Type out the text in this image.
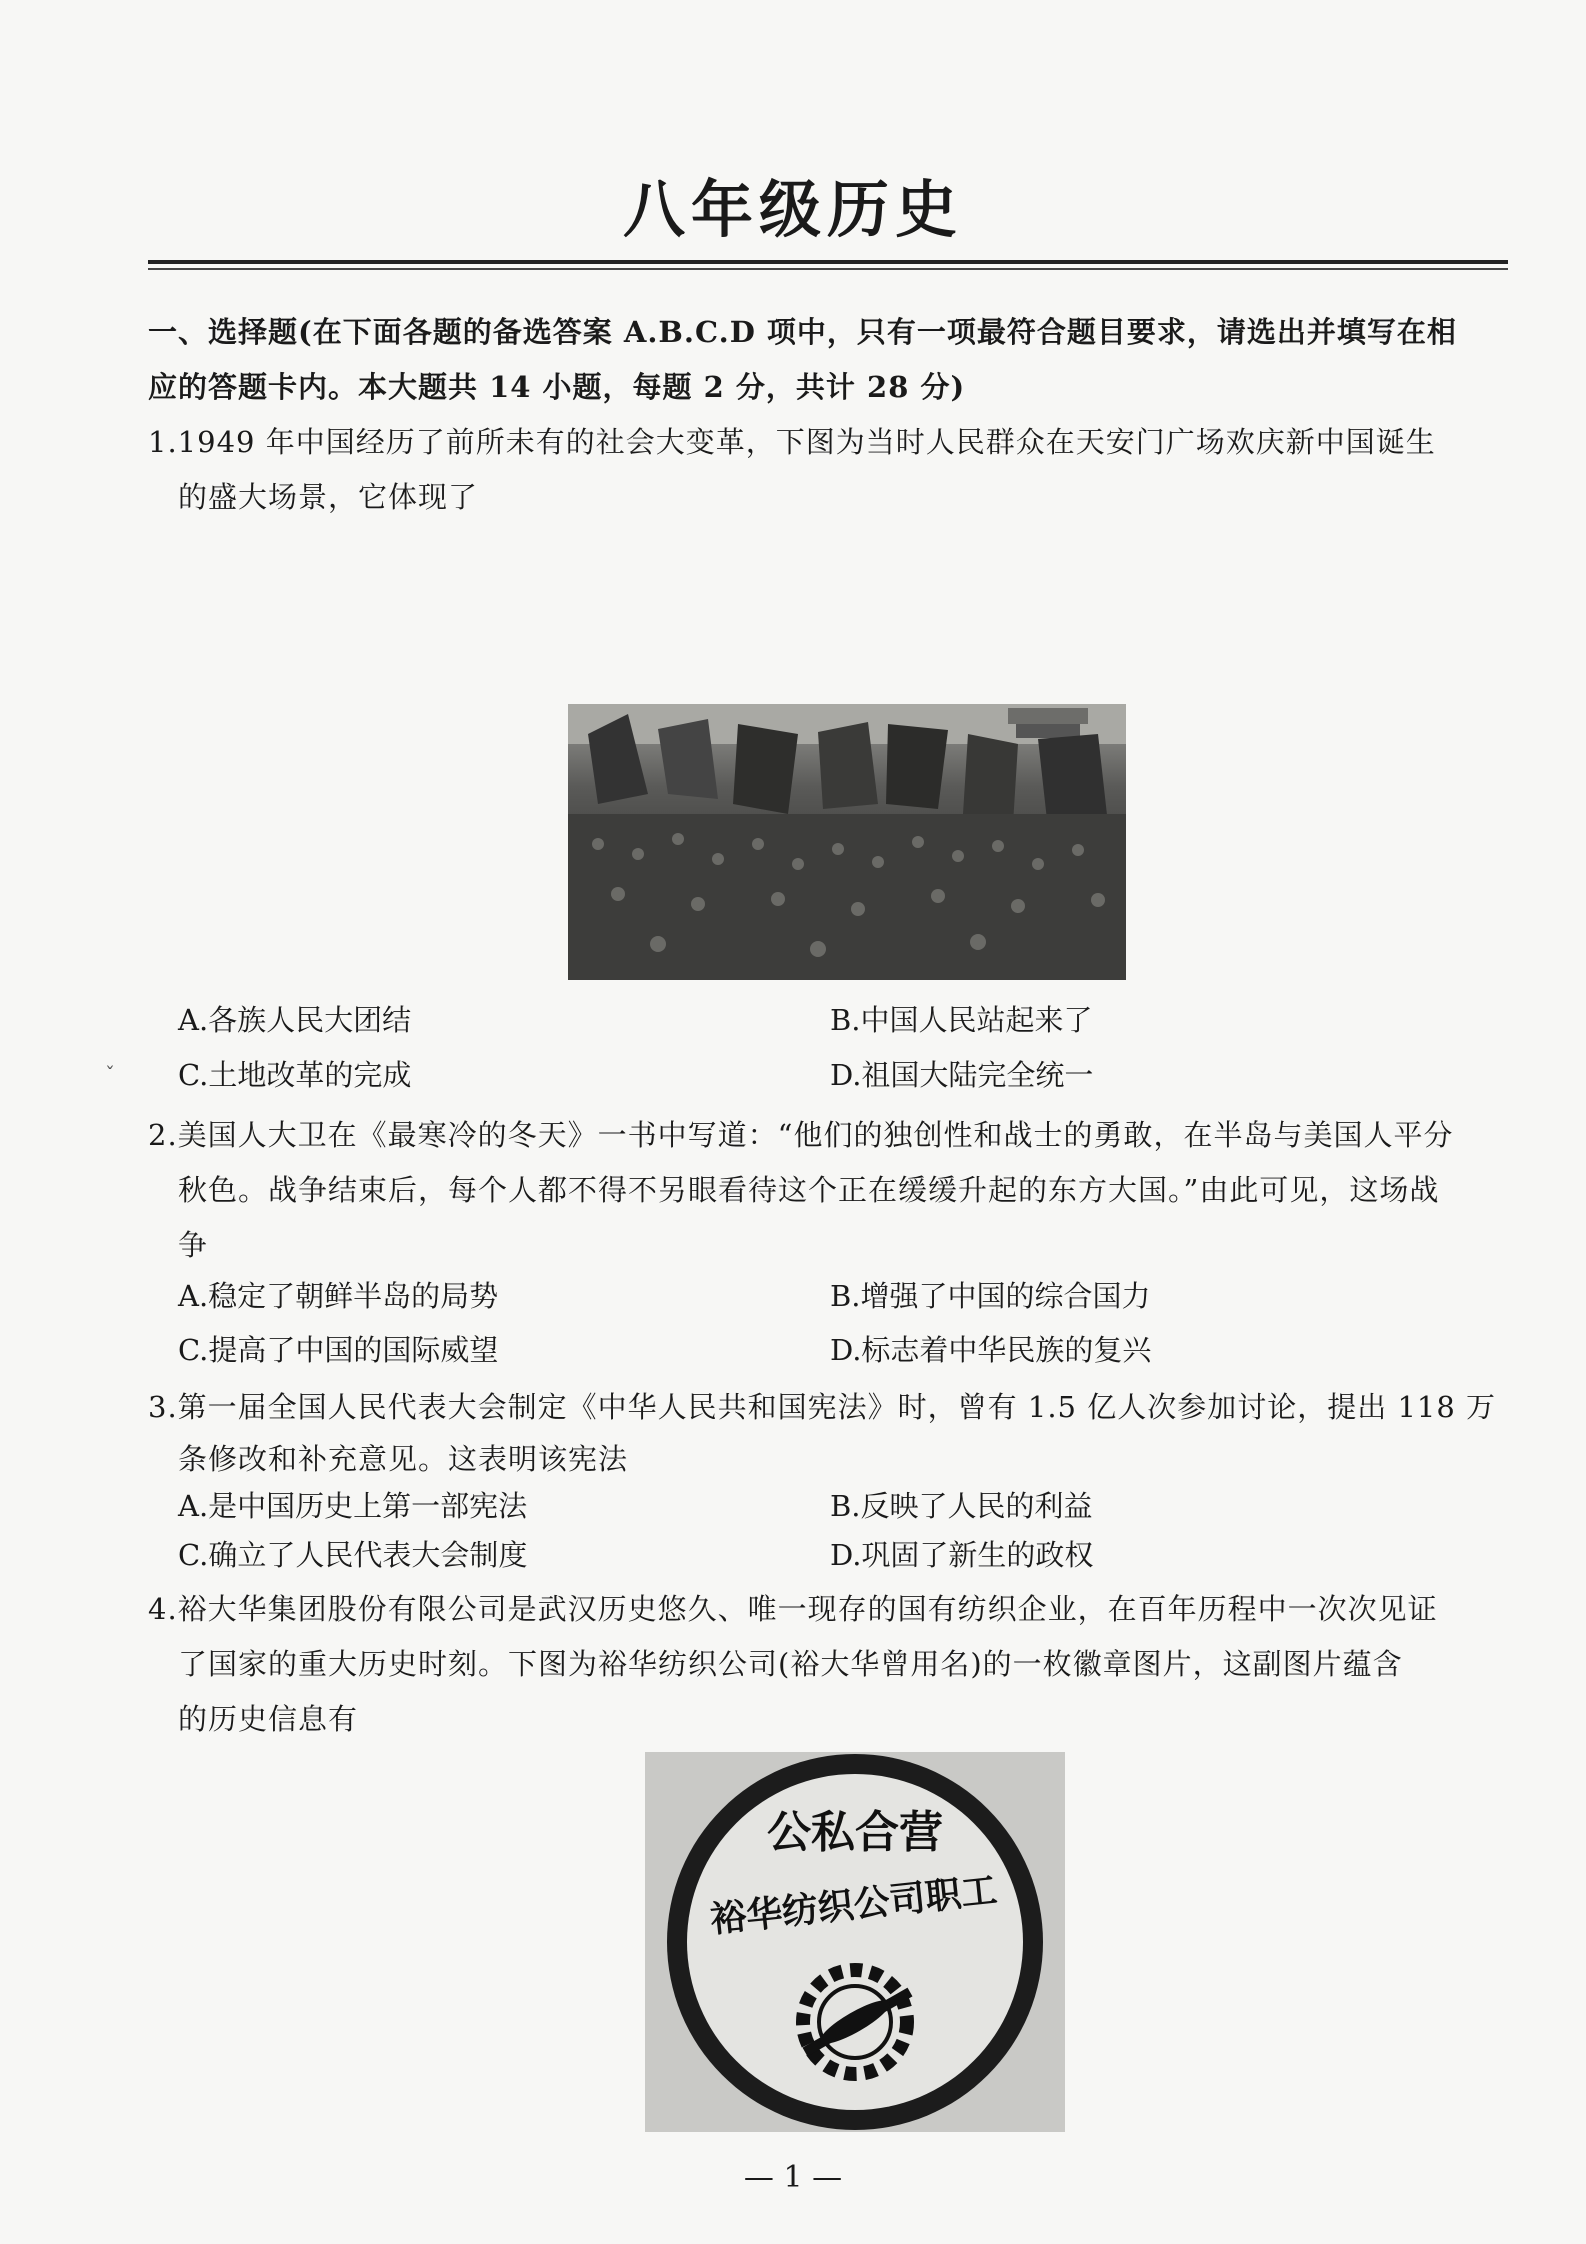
八年级历史
一、选择题(在下面各题的备选答案 A.B.C.D 项中，只有一项最符合题目要求，请选出并填写在相
应的答题卡内。本大题共 14 小题，每题 2 分，共计 28 分)
1.1949 年中国经历了前所未有的社会大变革，下图为当时人民群众在天安门广场欢庆新中国诞生
的盛大场景，它体现了
A.各族人民大团结	B.中国人民站起来了
ˇ C.土地改革的完成	D.祖国大陆完全统一
2.美国人大卫在《最寒冷的冬天》一书中写道：“他们的独创性和战士的勇敢，在半岛与美国人平分
秋色。战争结束后，每个人都不得不另眼看待这个正在缓缓升起的东方大国。”由此可见，这场战
争
A.稳定了朝鲜半岛的局势	B.增强了中国的综合国力
C.提高了中国的国际威望	D.标志着中华民族的复兴
3.第一届全国人民代表大会制定《中华人民共和国宪法》时，曾有 1.5 亿人次参加讨论，提出 118 万
条修改和补充意见。这表明该宪法
A.是中国历史上第一部宪法	B.反映了人民的利益
C.确立了人民代表大会制度	D.巩固了新生的政权
4.裕大华集团股份有限公司是武汉历史悠久、唯一现存的国有纺织企业，在百年历程中一次次见证
了国家的重大历史时刻。下图为裕华纺织公司(裕大华曾用名)的一枚徽章图片，这副图片蕴含
的历史信息有
公私合营
裕华纺织公司职工
— 1 —
